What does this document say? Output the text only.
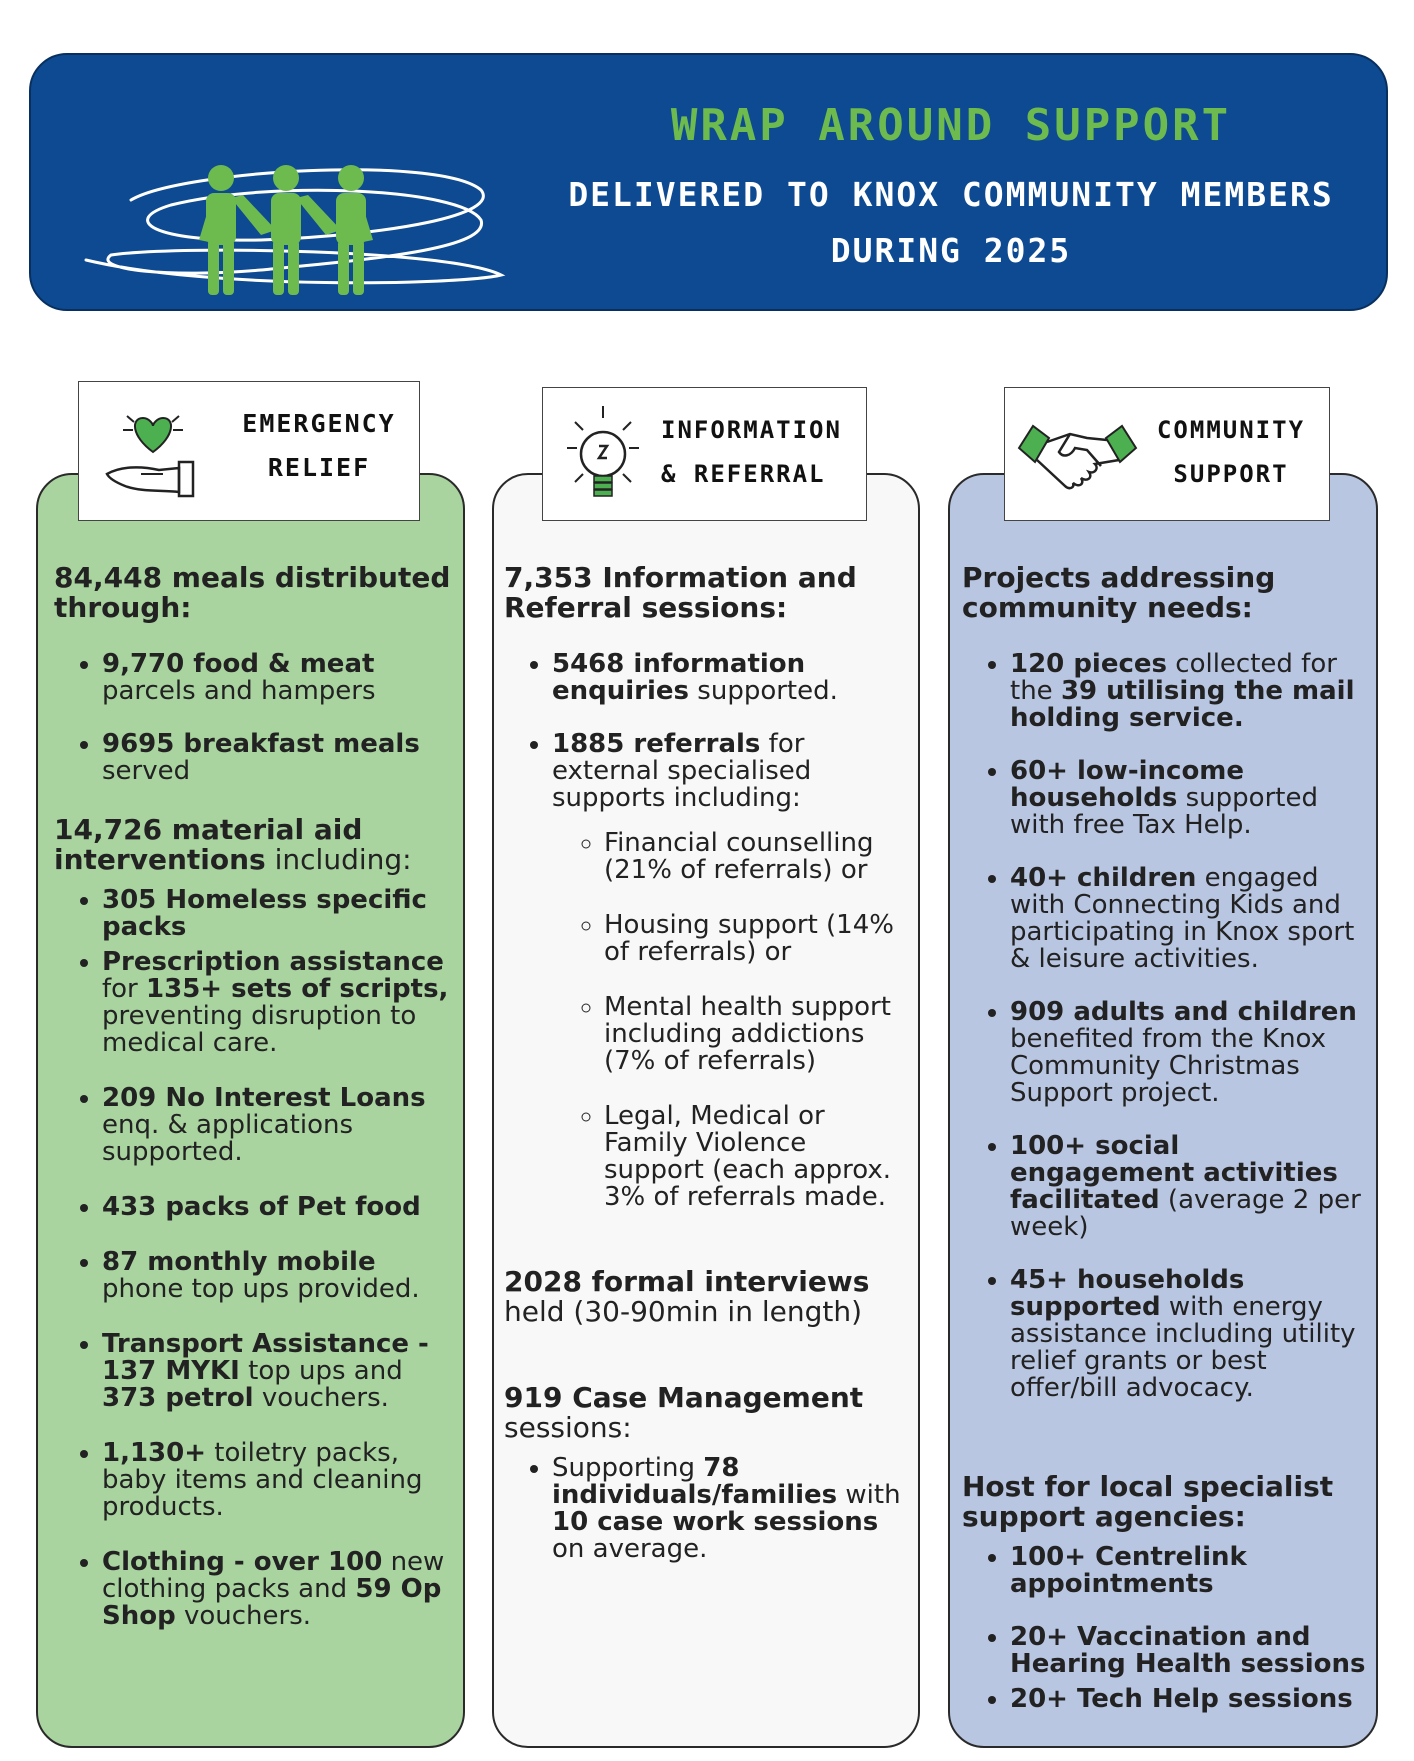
WRAP AROUND SUPPORT
DELIVERED TO KNOX COMMUNITY MEMBERS
DURING 2025
EMERGENCY
RELIEF

84,448 meals distributed through:

• 9,770 food & meat parcels and hampers
• 9695 breakfast meals served

14,726 material aid interventions including:

• 305 Homeless specific packs
• Prescription assistance for 135+ sets of scripts, preventing disruption to medical care.
• 209 No Interest Loans enq. & applications supported.
• 433 packs of Pet food
• 87 monthly mobile phone top ups provided.
• Transport Assistance - 137 MYKI top ups and 373 petrol vouchers.
• 1,130+ toiletry packs, baby items and cleaning products.
• Clothing - over 100 new clothing packs and 59 Op Shop vouchers.
INFORMATION
& REFERRAL

7,353 Information and Referral sessions:

• 5468 information enquiries supported.
• 1885 referrals for external specialised supports including:
◦ Financial counselling (21% of referrals) or
◦ Housing support (14% of referrals) or
◦ Mental health support including addictions (7% of referrals)
◦ Legal, Medical or Family Violence support (each approx. 3% of referrals made.

2028 formal interviews

held (30-90min in length)

919 Case Management

sessions:

• Supporting 78 individuals/families with 10 case work sessions on average.
COMMUNITY
SUPPORT

Projects addressing community needs:

• 120 pieces collected for the 39 utilising the mail holding service.
• 60+ low-income households supported with free Tax Help.
• 40+ children engaged with Connecting Kids and participating in Knox sport & leisure activities.
• 909 adults and children benefited from the Knox Community Christmas Support project.
• 100+ social engagement activities facilitated (average 2 per week)
• 45+ households supported with energy assistance including utility relief grants or best offer/bill advocacy.

Host for local specialist support agencies:

• 100+ Centrelink appointments
• 20+ Vaccination and Hearing Health sessions
• 20+ Tech Help sessions
